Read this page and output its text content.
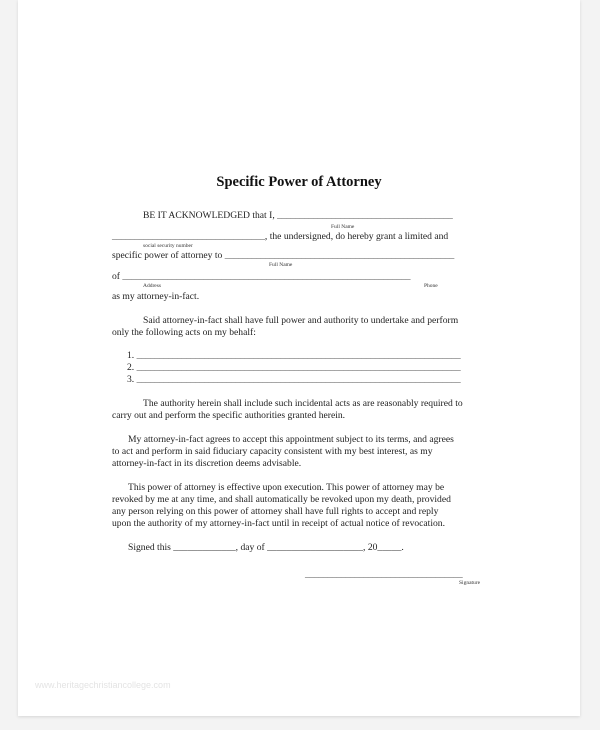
Specific Power of Attorney
BE IT ACKNOWLEDGED that I, _______________________________________
Full Name
__________________________________, the undersigned, do hereby grant a limited and
social security number
specific power of attorney to ___________________________________________________
Full Name
of ________________________________________________________________
Address	Phone
as my attorney-in-fact.
Said attorney-in-fact shall have full power and authority to undertake and perform
only the following acts on my behalf:
1. ________________________________________________________________________
2. ________________________________________________________________________
3. ________________________________________________________________________
The authority herein shall include such incidental acts as are reasonably required to
carry out and perform the specific authorities granted herein.
My attorney-in-fact agrees to accept this appointment subject to its terms, and agrees
to act and perform in said fiduciary capacity consistent with my best interest, as my
attorney-in-fact in its discretion deems advisable.
This power of attorney is effective upon execution. This power of attorney may be
revoked by me at any time, and shall automatically be revoked upon my death, provided
any person relying on this power of attorney shall have full rights to accept and reply
upon the authority of my attorney-in-fact until in receipt of actual notice of revocation.
Signed this _____________, day of ____________________, 20_____.
___________________________________
Signature
www.heritagechristiancollege.com
